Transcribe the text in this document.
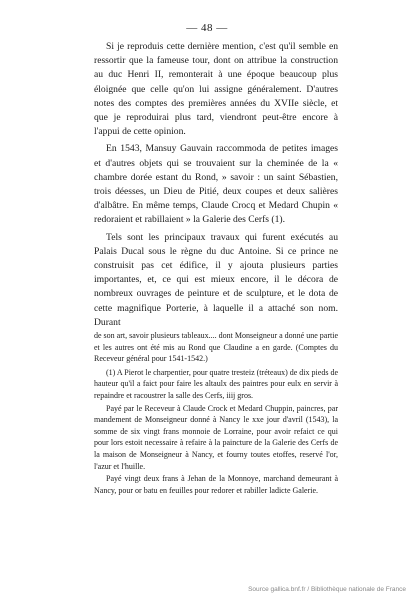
— 48 —

Si je reproduis cette dernière mention, c'est qu'il semble en ressortir que la fameuse tour, dont on attribue la construction au duc Henri II, remonterait à une époque beaucoup plus éloignée que celle qu'on lui assigne généralement. D'autres notes des comptes des premières années du XVIIe siècle, et que je reproduirai plus tard, viendront peut-être encore à l'appui de cette opinion.

En 1543, Mansuy Gauvain raccommoda de petites images et d'autres objets qui se trouvaient sur la cheminée de la « chambre dorée estant du Rond, » savoir : un saint Sébastien, trois déesses, un Dieu de Pitié, deux coupes et deux salières d'albâtre. En même temps, Claude Crocq et Medard Chupin « redoraient et rabillaient » la Galerie des Cerfs (1).

Tels sont les principaux travaux qui furent exécutés au Palais Ducal sous le règne du duc Antoine. Si ce prince ne construisit pas cet édifice, il y ajouta plusieurs parties importantes, et, ce qui est mieux encore, il le décora de nombreux ouvrages de peinture et de sculpture, et le dota de cette magnifique Porterie, à laquelle il a attaché son nom. Durant

de son art, savoir plusieurs tableaux.... dont Monseigneur a donné une partie et les autres ont été mis au Rond que Claudine a en garde. (Comptes du Receveur général pour 1541-1542.)

(1) A Pierot le charpentier, pour quatre tresteiz (tréteaux) de dix pieds de hauteur qu'il a faict pour faire les altaulx des paintres pour eulx en servir à repaindre et racoustrer la salle des Cerfs, iiij gros.

Payé par le Receveur à Claude Crock et Medard Chuppin, paincres, par mandement de Monseigneur donné à Nancy le xxe jour d'avril (1543), la somme de six vingt frans monnoie de Lorraine, pour avoir refaict ce qui pour lors estoit necessaire à refaire à la paincture de la Galerie des Cerfs de la maison de Monseigneur à Nancy, et fourny toutes etoffes, reservé l'or, l'azur et l'huille.

Payé vingt deux frans à Jehan de la Monnoye, marchand demeurant à Nancy, pour or batu en feuilles pour redorer et rabiller ladicte Galerie.

Source gallica.bnf.fr / Bibliothèque nationale de France
